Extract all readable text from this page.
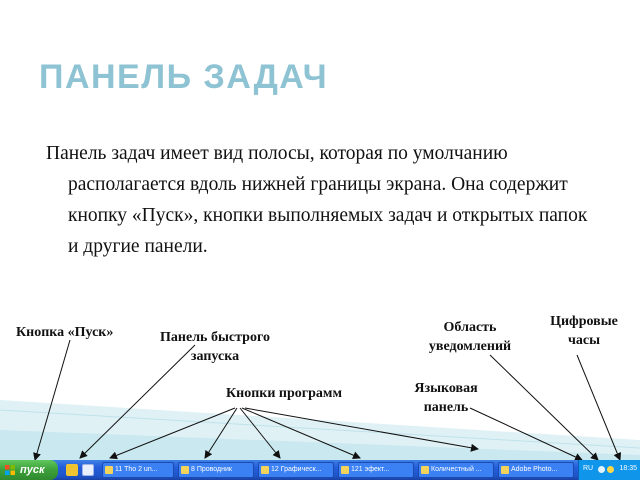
ПАНЕЛЬ ЗАДАЧ
Панель задач имеет вид полосы, которая по умолчанию располагается вдоль нижней границы экрана. Она содержит кнопку «Пуск», кнопки выполняемых задач и открытых папок и другие панели.
Кнопка «Пуск»	Панель быстрого запуска
Область уведомлений
Цифровые часы
Языковая панель
Кнопки программ
пуск	11 Tho 2 un...	8 Проводник	12 Графическ...	121 эфект...	Количестный ...	Adobe Photo...	RU	18:35
